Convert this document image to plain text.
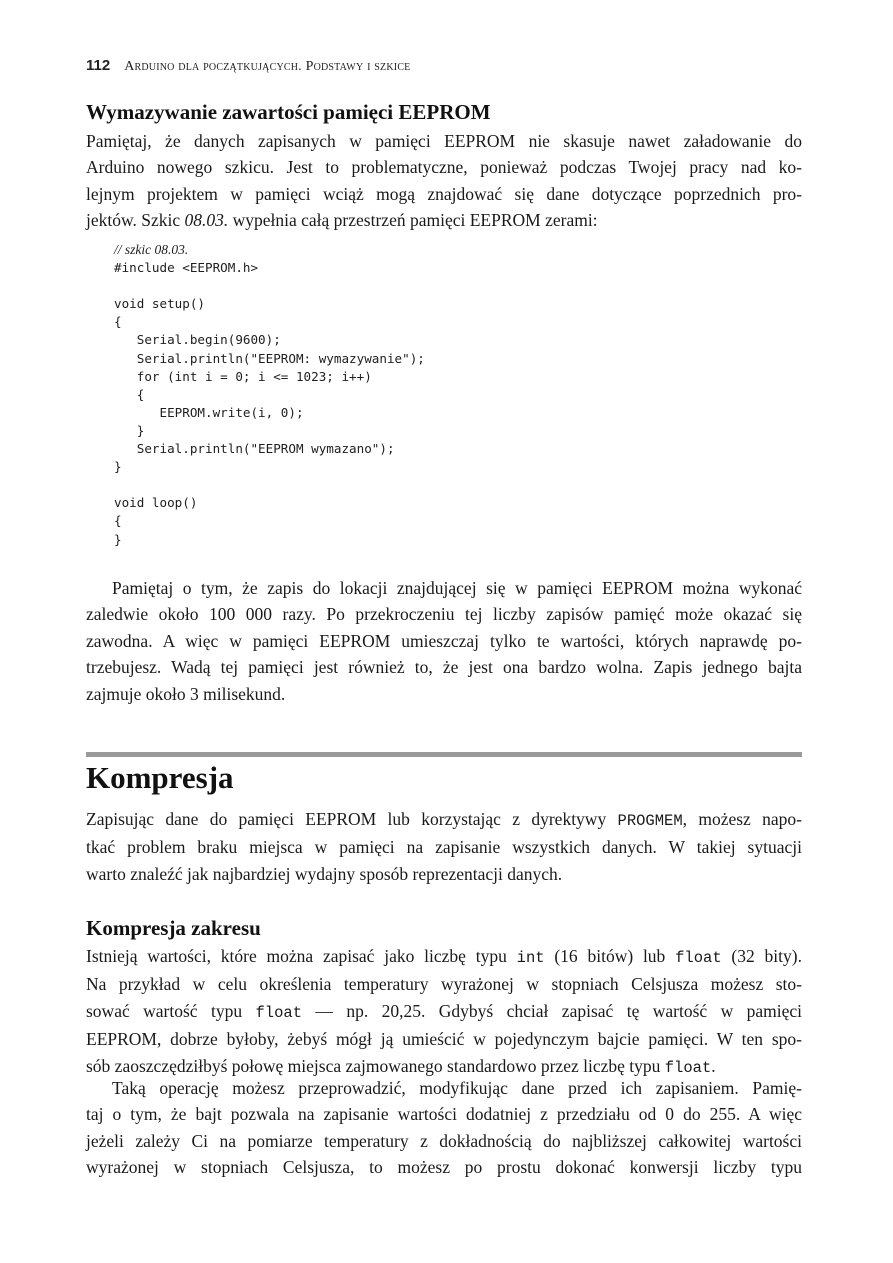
112 Arduino dla początkujących. Podstawy i szkice
Wymazywanie zawartości pamięci EEPROM

Pamiętaj, że danych zapisanych w pamięci EEPROM nie skasuje nawet załadowanie do
Arduino nowego szkicu. Jest to problematyczne, ponieważ podczas Twojej pracy nad ko-
lejnym projektem w pamięci wciąż mogą znajdować się dane dotyczące poprzednich pro-
jektów. Szkic 08.03. wypełnia całą przestrzeń pamięci EEPROM zerami:

// szkic 08.03.
#include <EEPROM.h>

void setup()
{
Serial.begin(9600);
Serial.println("EEPROM: wymazywanie");
for (int i = 0; i <= 1023; i++)
{
EEPROM.write(i, 0);
}
Serial.println("EEPROM wymazano");
}

void loop()
{
}

Pamiętaj o tym, że zapis do lokacji znajdującej się w pamięci EEPROM można wykonać
zaledwie około 100 000 razy. Po przekroczeniu tej liczby zapisów pamięć może okazać się
zawodna. A więc w pamięci EEPROM umieszczaj tylko te wartości, których naprawdę po-
trzebujesz. Wadą tej pamięci jest również to, że jest ona bardzo wolna. Zapis jednego bajta
zajmuje około 3 milisekund.

Kompresja

Zapisując dane do pamięci EEPROM lub korzystając z dyrektywy PROGMEM, możesz napo-
tkać problem braku miejsca w pamięci na zapisanie wszystkich danych. W takiej sytuacji
warto znaleźć jak najbardziej wydajny sposób reprezentacji danych.

Kompresja zakresu

Istnieją wartości, które można zapisać jako liczbę typu int (16 bitów) lub float (32 bity).
Na przykład w celu określenia temperatury wyrażonej w stopniach Celsjusza możesz sto-
sować wartość typu float — np. 20,25. Gdybyś chciał zapisać tę wartość w pamięci
EEPROM, dobrze byłoby, żebyś mógł ją umieścić w pojedynczym bajcie pamięci. W ten spo-
sób zaoszczędziłbyś połowę miejsca zajmowanego standardowo przez liczbę typu float.

Taką operację możesz przeprowadzić, modyfikując dane przed ich zapisaniem. Pamię-
taj o tym, że bajt pozwala na zapisanie wartości dodatniej z przedziału od 0 do 255. A więc
jeżeli zależy Ci na pomiarze temperatury z dokładnością do najbliższej całkowitej wartości
wyrażonej w stopniach Celsjusza, to możesz po prostu dokonać konwersji liczby typu
